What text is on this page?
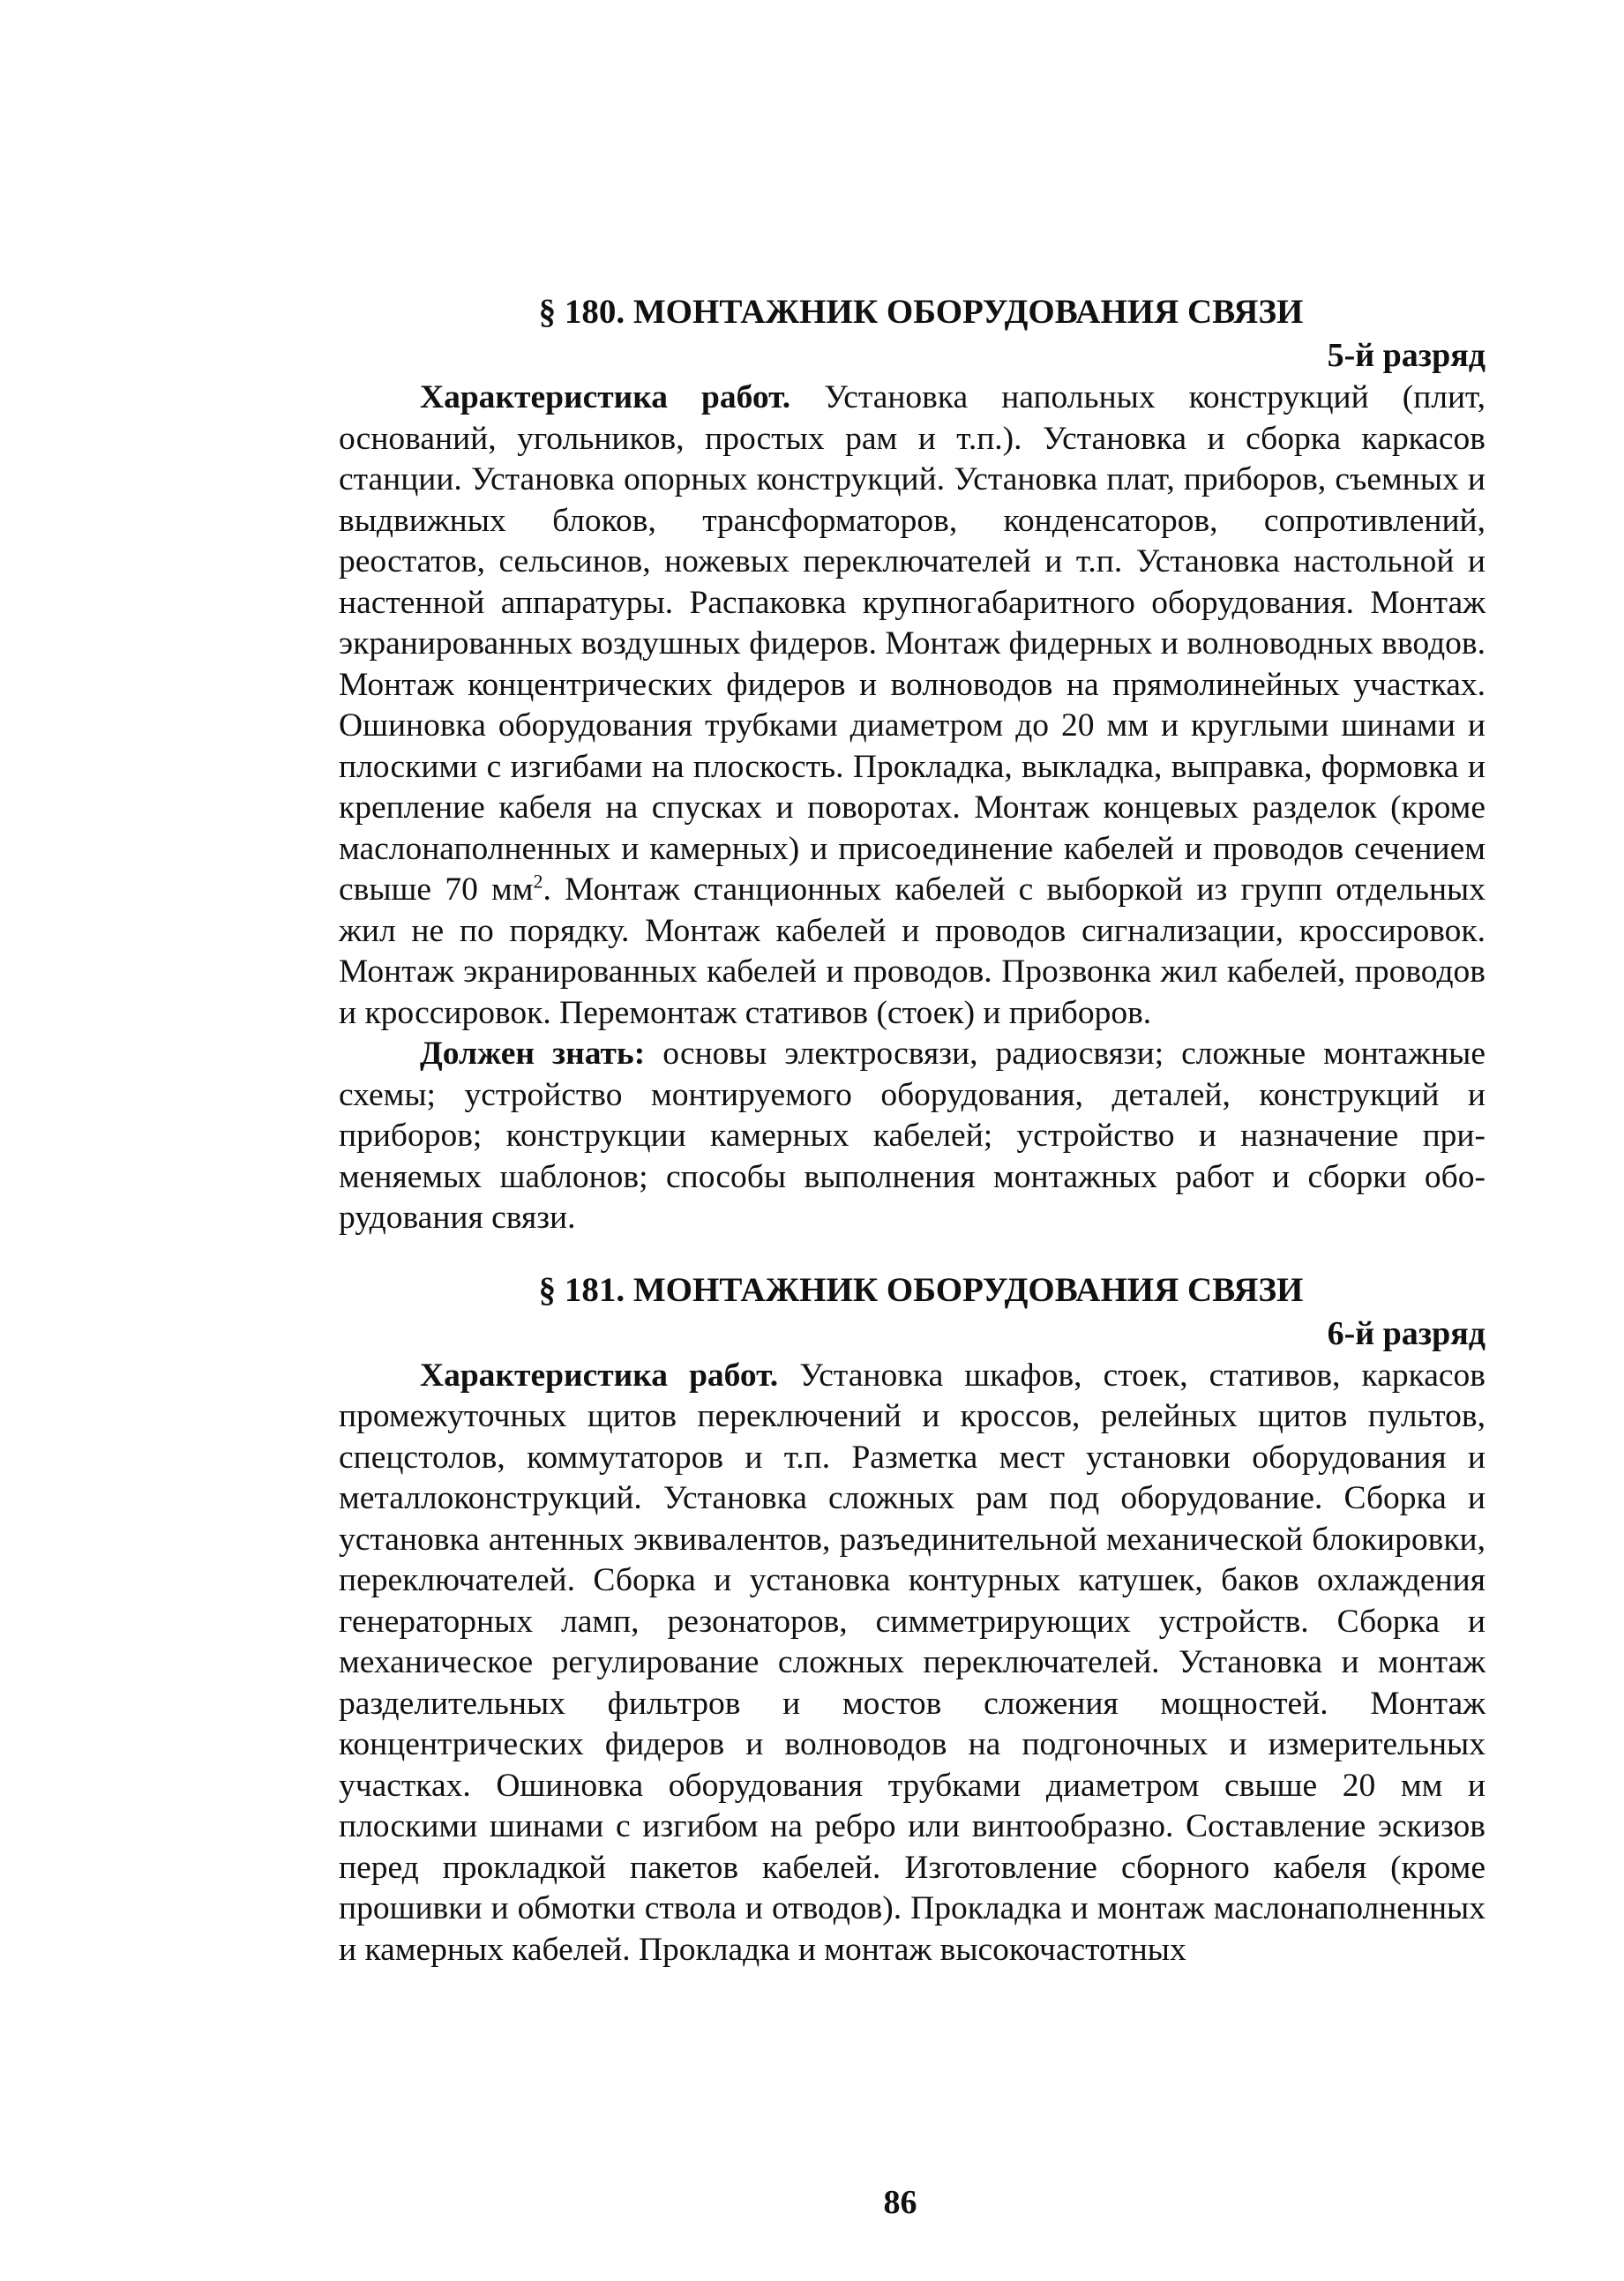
§ 180. МОНТАЖНИК ОБОРУДОВАНИЯ СВЯЗИ
5-й разряд

Характеристика работ. Установка напольных конструкций (плит, оснований, угольников, простых рам и т.п.). Установка и сборка каркасов станции. Установка опорных конструкций. Установка плат, приборов, съемных и выдвижных блоков, трансформаторов, конденсаторов, сопротивлений, реостатов, сельсинов, ножевых переключателей и т.п. Установка настольной и настенной аппаратуры. Распаковка крупногабаритного оборудования. Монтаж экранированных воздушных фидеров. Монтаж фидерных и волноводных вводов. Монтаж концентрических фидеров и волноводов на прямолинейных участках. Ошиновка оборудования трубками диаметром до 20 мм и круглыми шинами и плоскими с изгибами на плоскость. Прокладка, выкладка, выправка, формовка и крепление кабеля на спусках и поворотах. Монтаж концевых разделок (кроме маслонаполненных и камерных) и присоединение кабелей и проводов сечением свыше 70 $мм^2$. Монтаж станционных кабелей с выборкой из групп отдельных жил не по порядку. Монтаж кабелей и проводов сигнализации, кроссировок. Монтаж экранированных кабелей и проводов. Прозвонка жил кабелей, проводов и кроссировок. Перемонтаж стативов (стоек) и приборов.

Должен знать: основы электросвязи, радиосвязи; сложные монтажные схемы; устройство монтируемого оборудования, деталей, конструкций и приборов; конструкции камерных кабелей; устройство и назначение применяемых шаблонов; способы выполнения монтажных работ и сборки оборудования связи.

§ 181. МОНТАЖНИК ОБОРУДОВАНИЯ СВЯЗИ
6-й разряд

Характеристика работ. Установка шкафов, стоек, стативов, каркасов промежуточных щитов переключений и кроссов, релейных щитов пультов, спецстолов, коммутаторов и т.п. Разметка мест установки оборудования и металлоконструкций. Установка сложных рам под оборудование. Сборка и установка антенных эквивалентов, разъединительной механической блокировки, переключателей. Сборка и установка контурных катушек, баков охлаждения генераторных ламп, резонаторов, симметрирующих устройств. Сборка и механическое регулирование сложных переключателей. Установка и монтаж разделительных фильтров и мостов сложения мощностей. Монтаж концентрических фидеров и волноводов на подгоночных и измерительных участках. Ошиновка оборудования трубками диаметром свыше 20 мм и плоскими шинами с изгибом на ребро или винтообразно. Составление эскизов перед прокладкой пакетов кабелей. Изготовление сборного кабеля (кроме прошивки и обмотки ствола и отводов). Прокладка и монтаж маслонаполненных и камерных кабелей. Прокладка и монтаж высокочастотных

86
